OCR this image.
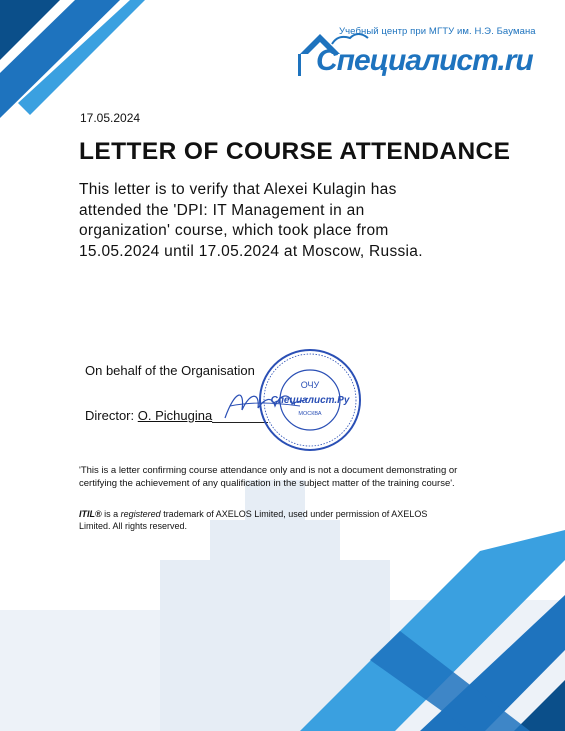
Учебный центр при МГТУ им. Н.Э. Баумана
Специалист.ru
17.05.2024
LETTER OF COURSE ATTENDANCE
This letter is to verify that Alexei Kulagin has attended the 'DPI: IT Management in an organization' course, which took place from 15.05.2024 until 17.05.2024 at Moscow, Russia.
On behalf of the Organisation
Director: O. Pichugina
ОЧУ
Специалист.Ру
МОСКВА
'This is a letter confirming course attendance only and is not a document demonstrating or certifying the achievement of any qualification in the subject matter of the training course'.
ITIL® is a registered trademark of AXELOS Limited, used under permission of AXELOS Limited. All rights reserved.
